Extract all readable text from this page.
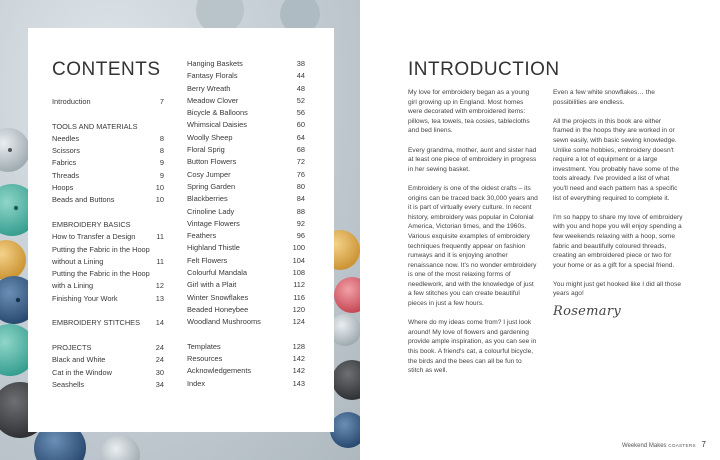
CONTENTS
Introduction	7
TOOLS AND MATERIALS
Needles	8
Scissors	8
Fabrics	9
Threads	9
Hoops	10
Beads and Buttons	10
EMBROIDERY BASICS
How to Transfer a Design	11
Putting the Fabric in the Hoop
without a Lining	11
Putting the Fabric in the Hoop
with a Lining	12
Finishing Your Work	13
EMBROIDERY STITCHES 14
PROJECTS	24
Black and White	24
Cat in the Window	30
Seashells	34
Hanging Baskets	38
Fantasy Florals	44
Berry Wreath	48
Meadow Clover	52
Bicycle & Balloons	56
Whimsical Daisies	60
Woolly Sheep	64
Floral Sprig	68
Button Flowers	72
Cosy Jumper	76
Spring Garden	80
Blackberries	84
Crinoline Lady	88
Vintage Flowers	92
Feathers	96
Highland Thistle	100
Felt Flowers	104
Colourful Mandala	108
Girl with a Plait	112
Winter Snowflakes	116
Beaded Honeybee	120
Woodland Mushrooms	124
Templates	128
Resources	142
Acknowledgements	142
Index	143
INTRODUCTION

My love for embroidery began as a young girl growing up in England. Most homes were decorated with embroidered items: pillows, tea towels, tea cosies, tablecloths and bed linens.

Every grandma, mother, aunt and sister had at least one piece of embroidery in progress in her sewing basket.

Embroidery is one of the oldest crafts – its origins can be traced back 30,000 years and it is part of virtually every culture. In recent history, embroidery was popular in Colonial America, Victorian times, and the 1960s. Various exquisite examples of embroidery techniques frequently appear on fashion runways and it is enjoying another renaissance now. It's no wonder embroidery is one of the most relaxing forms of needlework, and with the knowledge of just a few stitches you can create beautiful pieces in just a few hours.

Where do my ideas come from? I just look around! My love of flowers and gardening provide ample inspiration, as you can see in this book. A friend's cat, a colourful bicycle, the birds and the bees can all be fun to stitch as well.

Even a few white snowflakes… the possibilities are endless.

All the projects in this book are either framed in the hoops they are worked in or sewn easily, with basic sewing knowledge. Unlike some hobbies, embroidery doesn't require a lot of equipment or a large investment. You probably have some of the tools already. I've provided a list of what you'll need and each pattern has a specific list of everything required to complete it.

I'm so happy to share my love of embroidery with you and hope you will enjoy spending a few weekends relaxing with a hoop, some fabric and beautifully coloured threads, creating an embroidered piece or two for your home or as a gift for a special friend.

You might just get hooked like I did all those years ago!

Rosemary
Weekend Makes COASTERS 7
